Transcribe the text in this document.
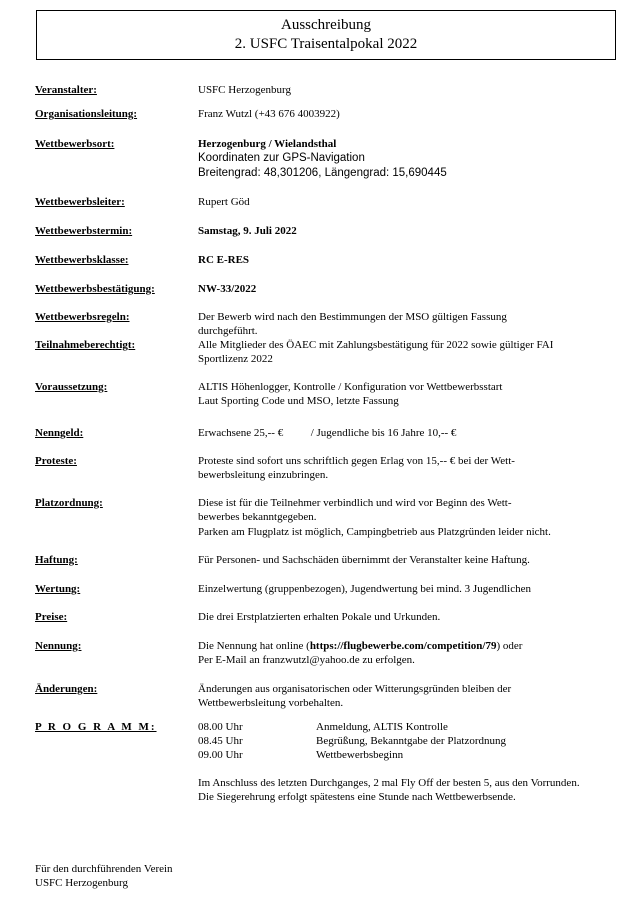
Ausschreibung
2. USFC Traisentalpokal 2022
Veranstalter:	USFC Herzogenburg
Organisationsleitung:	Franz Wutzl (+43 676 4003922)
Wettbewerbsort:	Herzogenburg / Wielandsthal
Koordinaten zur GPS-Navigation
Breitengrad: 48,301206, Längengrad: 15,690445
Wettbewerbsleiter:	Rupert Göd
Wettbewerbstermin:	Samstag, 9. Juli 2022
Wettbewerbsklasse:	RC E-RES
Wettbewerbsbestätigung:	NW-33/2022
Wettbewerbsregeln:	Der Bewerb wird nach den Bestimmungen der MSO gültigen Fassung
durchgeführt.
Teilnahmeberechtigt:	Alle Mitglieder des ÖAEC mit Zahlungsbestätigung für 2022 sowie gültiger FAI
Sportlizenz 2022
Voraussetzung:	ALTIS Höhenlogger, Kontrolle / Konfiguration vor Wettbewerbsstart
Laut Sporting Code und MSO, letzte Fassung
Nenngeld:	Erwachsene 25,-- €	/ Jugendliche bis 16 Jahre 10,-- €
Proteste:	Proteste sind sofort uns schriftlich gegen Erlag von 15,-- € bei der Wett-
bewerbsleitung einzubringen.
Platzordnung:	Diese ist für die Teilnehmer verbindlich und wird vor Beginn des Wett-
bewerbes bekanntgegeben.
Parken am Flugplatz ist möglich, Campingbetrieb aus Platzgründen leider nicht.
Haftung:	Für Personen- und Sachschäden übernimmt der Veranstalter keine Haftung.
Wertung:	Einzelwertung (gruppenbezogen), Jugendwertung bei mind. 3 Jugendlichen
Preise:	Die drei Erstplatzierten erhalten Pokale und Urkunden.
Nennung:	Die Nennung hat online (https://flugbewerbe.com/competition/79) oder
Per E-Mail an franzwutzl@yahoo.de zu erfolgen.
Änderungen:	Änderungen aus organisatorischen oder Witterungsgründen bleiben der
Wettbewerbsleitung vorbehalten.
P R O G R A M M:	08.00 Uhr	Anmeldung, ALTIS Kontrolle
08.45 Uhr	Begrüßung, Bekanntgabe der Platzordnung
09.00 Uhr	Wettbewerbsbeginn
Im Anschluss des letzten Durchganges, 2 mal Fly Off der besten 5, aus den Vorrunden.
Die Siegerehrung erfolgt spätestens eine Stunde nach Wettbewerbsende.
Für den durchführenden Verein
USFC Herzogenburg
